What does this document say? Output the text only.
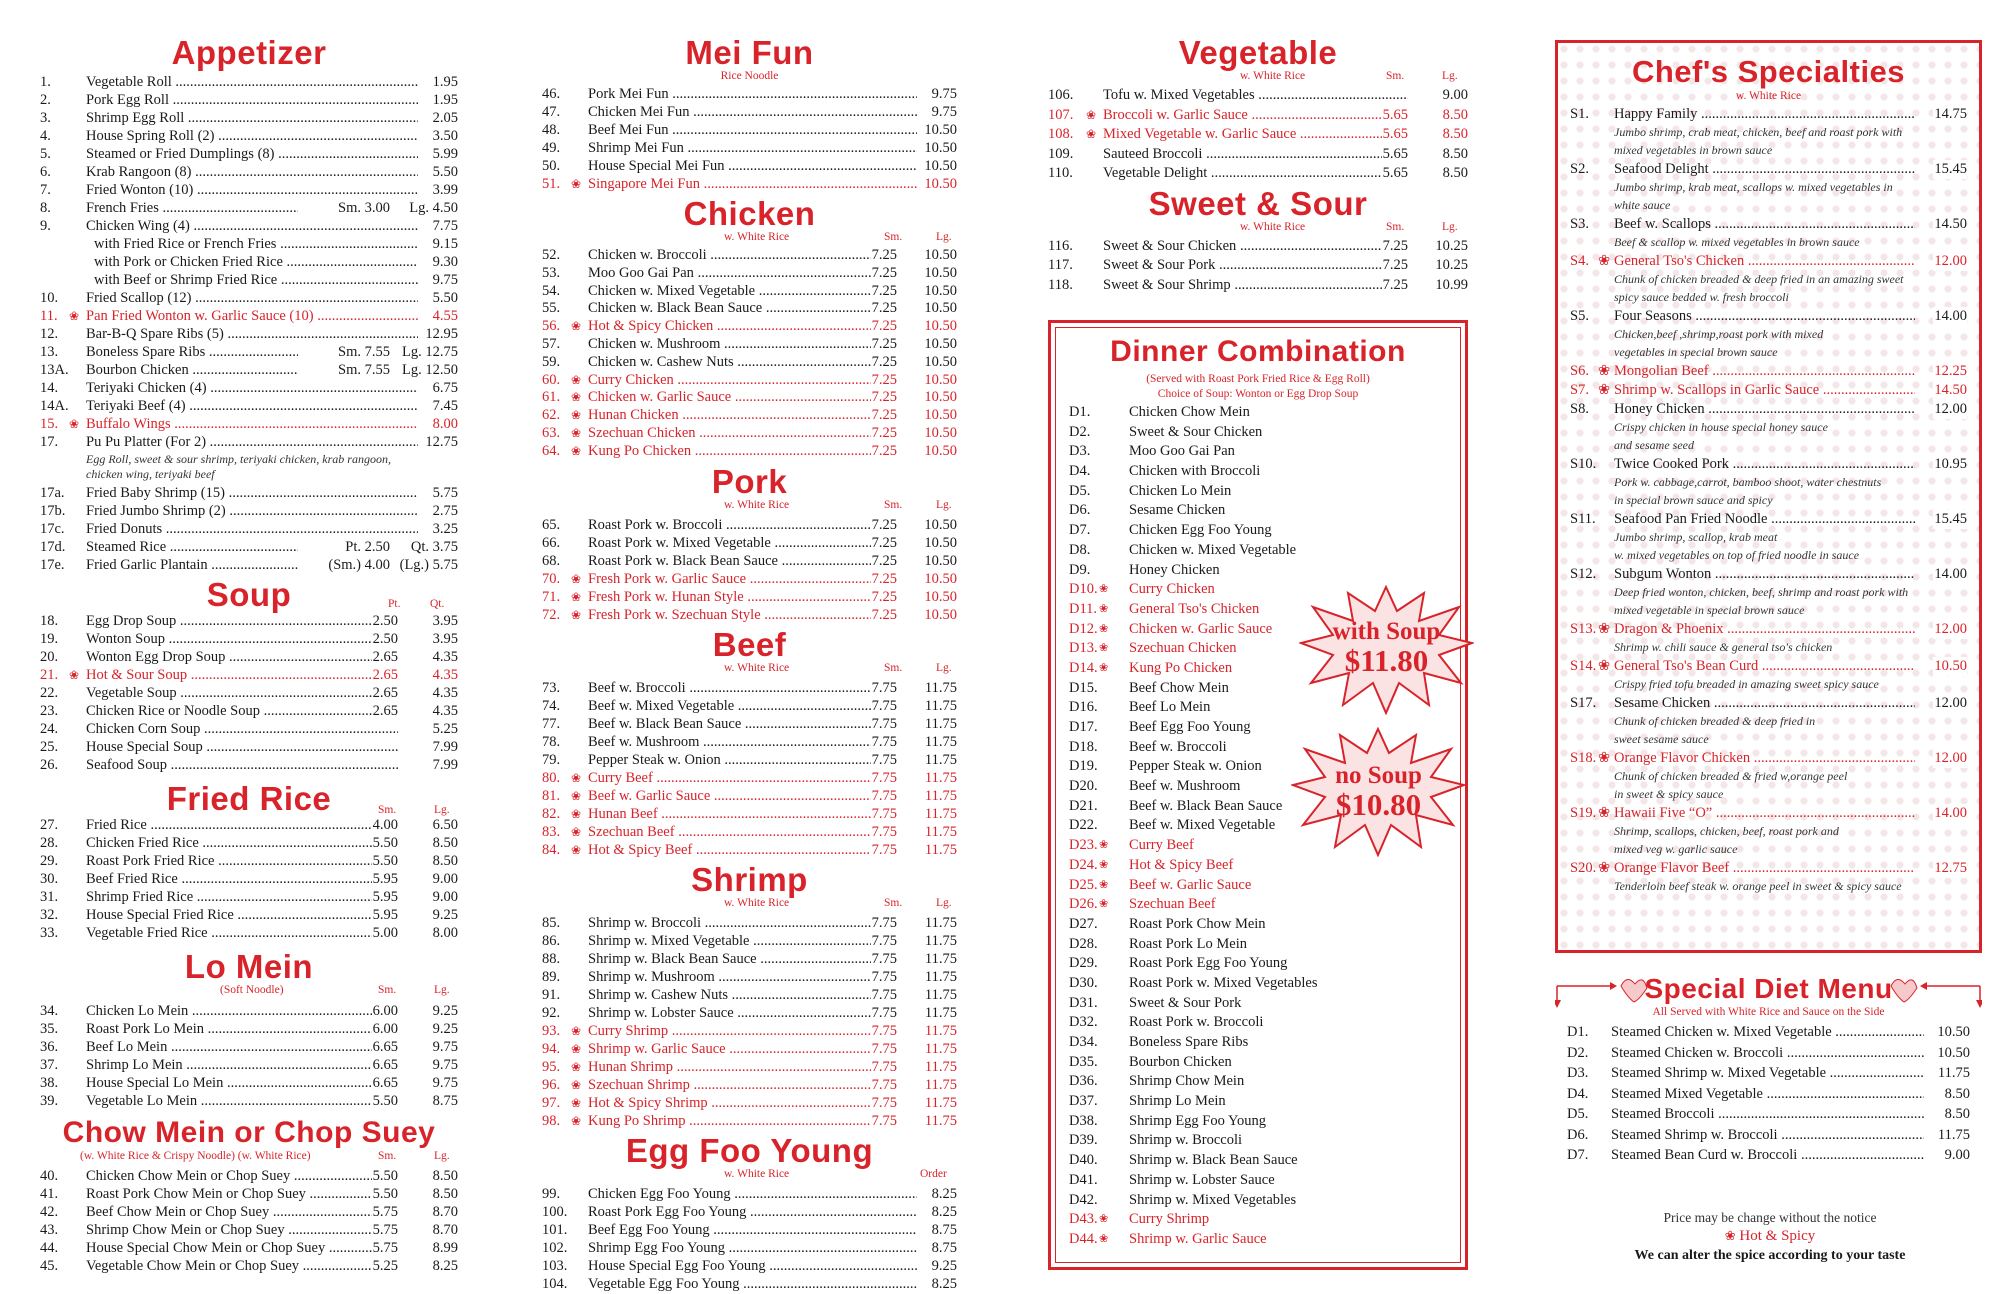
Appetizer
1. Vegetable Roll .....	1.95
2. Pork Egg Roll .....	1.95
3. Shrimp Egg Roll .....	2.05
4. House Spring Roll (2) .....	3.50
5. Steamed or Fried Dumplings (8) .....	5.99
6. Krab Rangoon (8) .....	5.50
7. Fried Wonton (10) .....	3.99
8. French Fries .....	Sm. 3.00 Lg. 4.50
9. Chicken Wing (4) .....	7.75
with Fried Rice or French Fries .....	9.15
with Pork or Chicken Fried Rice .....	9.30
with Beef or Shrimp Fried Rice .....	9.75
10. Fried Scallop (12) .....	5.50
11. Pan Fried Wonton w. Garlic Sauce (10) .....	4.55
❀
12. Bar-B-Q Spare Ribs (5) .....	12.95
13. Boneless Spare Ribs .....	Sm. 7.55 Lg. 12.75
13A. Bourbon Chicken .....	Sm. 7.55 Lg. 12.50
14. Teriyaki Chicken (4) .....	6.75
14A. Teriyaki Beef (4) .....	7.45
15. Buffalo Wings .....	8.00
❀
17. Pu Pu Platter (For 2) .....	12.75
Egg Roll, sweet & sour shrimp, teriyaki chicken, krab rangoon, chicken wing, teriyaki beef
17a. Fried Baby Shrimp (15) .....	5.75
17b. Fried Jumbo Shrimp (2) .....	2.75
17c. Fried Donuts .....	3.25
17d. Steamed Rice .....	Pt. 2.50 Qt. 3.75
17e. Fried Garlic Plantain .....	(Sm.) 4.00 (Lg.) 5.75
Soup	Pt.	Qt.
18. Egg Drop Soup .....	2.50 3.95
19. Wonton Soup .....	2.50 3.95
20. Wonton Egg Drop Soup .....	2.65 4.35
21. Hot & Sour Soup .....	2.65 4.35
❀
22. Vegetable Soup .....	2.65 4.35
23. Chicken Rice or Noodle Soup .....	2.65 4.35
24. Chicken Corn Soup .....	5.25
25. House Special Soup .....	7.99
26. Seafood Soup .....	7.99
Fried Rice	Sm.	Lg.
27. Fried Rice .....	4.00 6.50
28. Chicken Fried Rice .....	5.50 8.50
29. Roast Pork Fried Rice .....	5.50 8.50
30. Beef Fried Rice .....	5.95 9.00
31. Shrimp Fried Rice .....	5.95 9.00
32. House Special Fried Rice .....	5.95 9.25
33. Vegetable Fried Rice .....	5.00 8.00
Lo Mein
(Soft Noodle)	Sm.	Lg.
34. Chicken Lo Mein .....	6.00 9.25
35. Roast Pork Lo Mein .....	6.00 9.25
36. Beef Lo Mein .....	6.65 9.75
37. Shrimp Lo Mein .....	6.65 9.75
38. House Special Lo Mein .....	6.65 9.75
39. Vegetable Lo Mein .....	5.50 8.75
Chow Mein or Chop Suey
(w. White Rice & Crispy Noodle) (w. White Rice)	Sm.	Lg.
40. Chicken Chow Mein or Chop Suey .....	5.50 8.50
41. Roast Pork Chow Mein or Chop Suey .....	5.50 8.50
42. Beef Chow Mein or Chop Suey .....	5.75 8.70
43. Shrimp Chow Mein or Chop Suey .....	5.75 8.70
44. House Special Chow Mein or Chop Suey .....	5.75 8.99
45. Vegetable Chow Mein or Chop Suey .....	5.25 8.25
Mei Fun
Rice Noodle
46. Pork Mei Fun .....	9.75
47. Chicken Mei Fun .....	9.75
48. Beef Mei Fun .....	10.50
49. Shrimp Mei Fun .....	10.50
50. House Special Mei Fun .....	10.50
51. Singapore Mei Fun .....	10.50
❀
Chicken
w. White Rice	Sm.	Lg.
52. Chicken w. Broccoli .....	7.25 10.50
53. Moo Goo Gai Pan .....	7.25 10.50
54. Chicken w. Mixed Vegetable .....	7.25 10.50
55. Chicken w. Black Bean Sauce .....	7.25 10.50
56. Hot & Spicy Chicken .....	7.25 10.50
❀
57. Chicken w. Mushroom .....	7.25 10.50
59. Chicken w. Cashew Nuts .....	7.25 10.50
60. Curry Chicken .....	7.25 10.50
❀
61. Chicken w. Garlic Sauce .....	7.25 10.50
❀
62. Hunan Chicken .....	7.25 10.50
❀
63. Szechuan Chicken .....	7.25 10.50
❀
64. Kung Po Chicken .....	7.25 10.50
❀
Pork
w. White Rice	Sm.	Lg.
65. Roast Pork w. Broccoli .....	7.25 10.50
66. Roast Pork w. Mixed Vegetable .....	7.25 10.50
68. Roast Pork w. Black Bean Sauce .....	7.25 10.50
70. Fresh Pork w. Garlic Sauce .....	7.25 10.50
❀
71. Fresh Pork w. Hunan Style .....	7.25 10.50
❀
72. Fresh Pork w. Szechuan Style .....	7.25 10.50
❀
Beef
w. White Rice	Sm.	Lg.
73. Beef w. Broccoli .....	7.75 11.75
74. Beef w. Mixed Vegetable .....	7.75 11.75
77. Beef w. Black Bean Sauce .....	7.75 11.75
78. Beef w. Mushroom .....	7.75 11.75
79. Pepper Steak w. Onion .....	7.75 11.75
80. Curry Beef .....	7.75 11.75
❀
81. Beef w. Garlic Sauce .....	7.75 11.75
❀
82. Hunan Beef .....	7.75 11.75
❀
83. Szechuan Beef .....	7.75 11.75
❀
84. Hot & Spicy Beef .....	7.75 11.75
❀
Shrimp
w. White Rice	Sm.	Lg.
85. Shrimp w. Broccoli .....	7.75 11.75
86. Shrimp w. Mixed Vegetable .....	7.75 11.75
88. Shrimp w. Black Bean Sauce .....	7.75 11.75
89. Shrimp w. Mushroom .....	7.75 11.75
91. Shrimp w. Cashew Nuts .....	7.75 11.75
92. Shrimp w. Lobster Sauce .....	7.75 11.75
93. Curry Shrimp .....	7.75 11.75
❀
94. Shrimp w. Garlic Sauce .....	7.75 11.75
❀
95. Hunan Shrimp .....	7.75 11.75
❀
96. Szechuan Shrimp .....	7.75 11.75
❀
97. Hot & Spicy Shrimp .....	7.75 11.75
❀
98. Kung Po Shrimp .....	7.75 11.75
❀
Egg Foo Young
w. White Rice	Order
99. Chicken Egg Foo Young .....	8.25
100. Roast Pork Egg Foo Young .....	8.25
101. Beef Egg Foo Young .....	8.75
102. Shrimp Egg Foo Young .....	8.75
103. House Special Egg Foo Young .....	9.25
104. Vegetable Egg Foo Young .....	8.25
Vegetable
w. White Rice	Sm.	Lg.
106. Tofu w. Mixed Vegetables .....	9.00
107. Broccoli w. Garlic Sauce .....	5.65 8.50
❀
108. Mixed Vegetable w. Garlic Sauce .....	5.65 8.50
❀
109. Sauteed Broccoli .....	5.65 8.50
110. Vegetable Delight .....	5.65 8.50
Sweet & Sour
w. White Rice	Sm.	Lg.
116. Sweet & Sour Chicken .....	7.25 10.25
117. Sweet & Sour Pork .....	7.25 10.25
118. Sweet & Sour Shrimp .....	7.25 10.99
Dinner Combination
(Served with Roast Pork Fried Rice & Egg Roll)
Choice of Soup: Wonton or Egg Drop Soup
D1.	Chicken Chow Mein
D2.	Sweet & Sour Chicken
D3.	Moo Goo Gai Pan
D4.	Chicken with Broccoli
D5.	Chicken Lo Mein
D6.	Sesame Chicken
D7.	Chicken Egg Foo Young
D8.	Chicken w. Mixed Vegetable
D9.	Honey Chicken
❀
D10. Curry Chicken
❀
D11. General Tso's Chicken
❀
D12. Chicken w. Garlic Sauce
❀
D13. Szechuan Chicken
❀
D14. Kung Po Chicken
D15. Beef Chow Mein
D16. Beef Lo Mein
D17. Beef Egg Foo Young
D18. Beef w. Broccoli
D19. Pepper Steak w. Onion
D20. Beef w. Mushroom
D21. Beef w. Black Bean Sauce
D22. Beef w. Mixed Vegetable
❀
D23. Curry Beef
❀
D24. Hot & Spicy Beef
❀
D25. Beef w. Garlic Sauce
❀
D26. Szechuan Beef
D27. Roast Pork Chow Mein
D28. Roast Pork Lo Mein
D29. Roast Pork Egg Foo Young
D30. Roast Pork w. Mixed Vegetables
D31. Sweet & Sour Pork
D32. Roast Pork w. Broccoli
D34. Boneless Spare Ribs
D35. Bourbon Chicken
D36. Shrimp Chow Mein
D37. Shrimp Lo Mein
D38. Shrimp Egg Foo Young
D39. Shrimp w. Broccoli
D40. Shrimp w. Black Bean Sauce
D41. Shrimp w. Lobster Sauce
D42. Shrimp w. Mixed Vegetables
❀
D43. Curry Shrimp
❀
D44. Shrimp w. Garlic Sauce
with Soup
$11.80
no Soup
$10.80
Chef's Specialties
w. White Rice
S1. Happy Family .....	14.75
Jumbo shrimp, crab meat, chicken, beef and roast pork with
mixed vegetables in brown sauce
S2. Seafood Delight .....	15.45
Jumbo shrimp, krab meat, scallops w. mixed vegetables in
white sauce
S3. Beef w. Scallops .....	14.50
Beef & scallop w. mixed vegetables in brown sauce
S4. General Tso's Chicken .....	12.00
❀
Chunk of chicken breaded & deep fried in an amazing sweet
spicy sauce bedded w. fresh broccoli
S5. Four Seasons .....	14.00
Chicken,beef ,shrimp,roast pork with mixed
vegetables in special brown sauce
S6. Mongolian Beef .....	12.25
❀
S7. Shrimp w. Scallops in Garlic Sauce .....	14.50
❀
S8. Honey Chicken .....	12.00
Crispy chicken in house special honey sauce
and sesame seed
S10. Twice Cooked Pork .....	10.95
Pork w. cabbage,carrot, bamboo shoot, water chestnuts
in special brown sauce and spicy
S11. Seafood Pan Fried Noodle .....	15.45
Jumbo shrimp, scallop, krab meat
w. mixed vegetables on top of fried noodle in sauce
S12. Subgum Wonton .....	14.00
Deep fried wonton, chicken, beef, shrimp and roast pork with
mixed vegetable in special brown sauce
S13. Dragon & Phoenix .....	12.00
❀
Shrimp w. chili sauce & general tso's chicken
S14. General Tso's Bean Curd .....	10.50
❀
Crispy fried tofu breaded in amazing sweet spicy sauce
S17. Sesame Chicken .....	12.00
Chunk of chicken breaded & deep fried in
sweet sesame sauce
S18. Orange Flavor Chicken .....	12.00
❀
Chunk of chicken breaded & fried w,orange peel
in sweet & spicy sauce
S19. Hawaii Five “O” .....	14.00
❀
Shrimp, scallops, chicken, beef, roast pork and
mixed veg w. garlic sauce
S20. Orange Flavor Beef .....	12.75
❀
Tenderloin beef steak w. orange peel in sweet & spicy sauce
Special Diet Menu
All Served with White Rice and Sauce on the Side
D1. Steamed Chicken w. Mixed Vegetable .....	10.50
D2. Steamed Chicken w. Broccoli .....	10.50
D3. Steamed Shrimp w. Mixed Vegetable .....	11.75
D4. Steamed Mixed Vegetable .....	8.50
D5. Steamed Broccoli .....	8.50
D6. Steamed Shrimp w. Broccoli .....	11.75
D7. Steamed Bean Curd w. Broccoli .....	9.00
Price may be change without the notice
❀ Hot & Spicy
We can alter the spice according to your taste
